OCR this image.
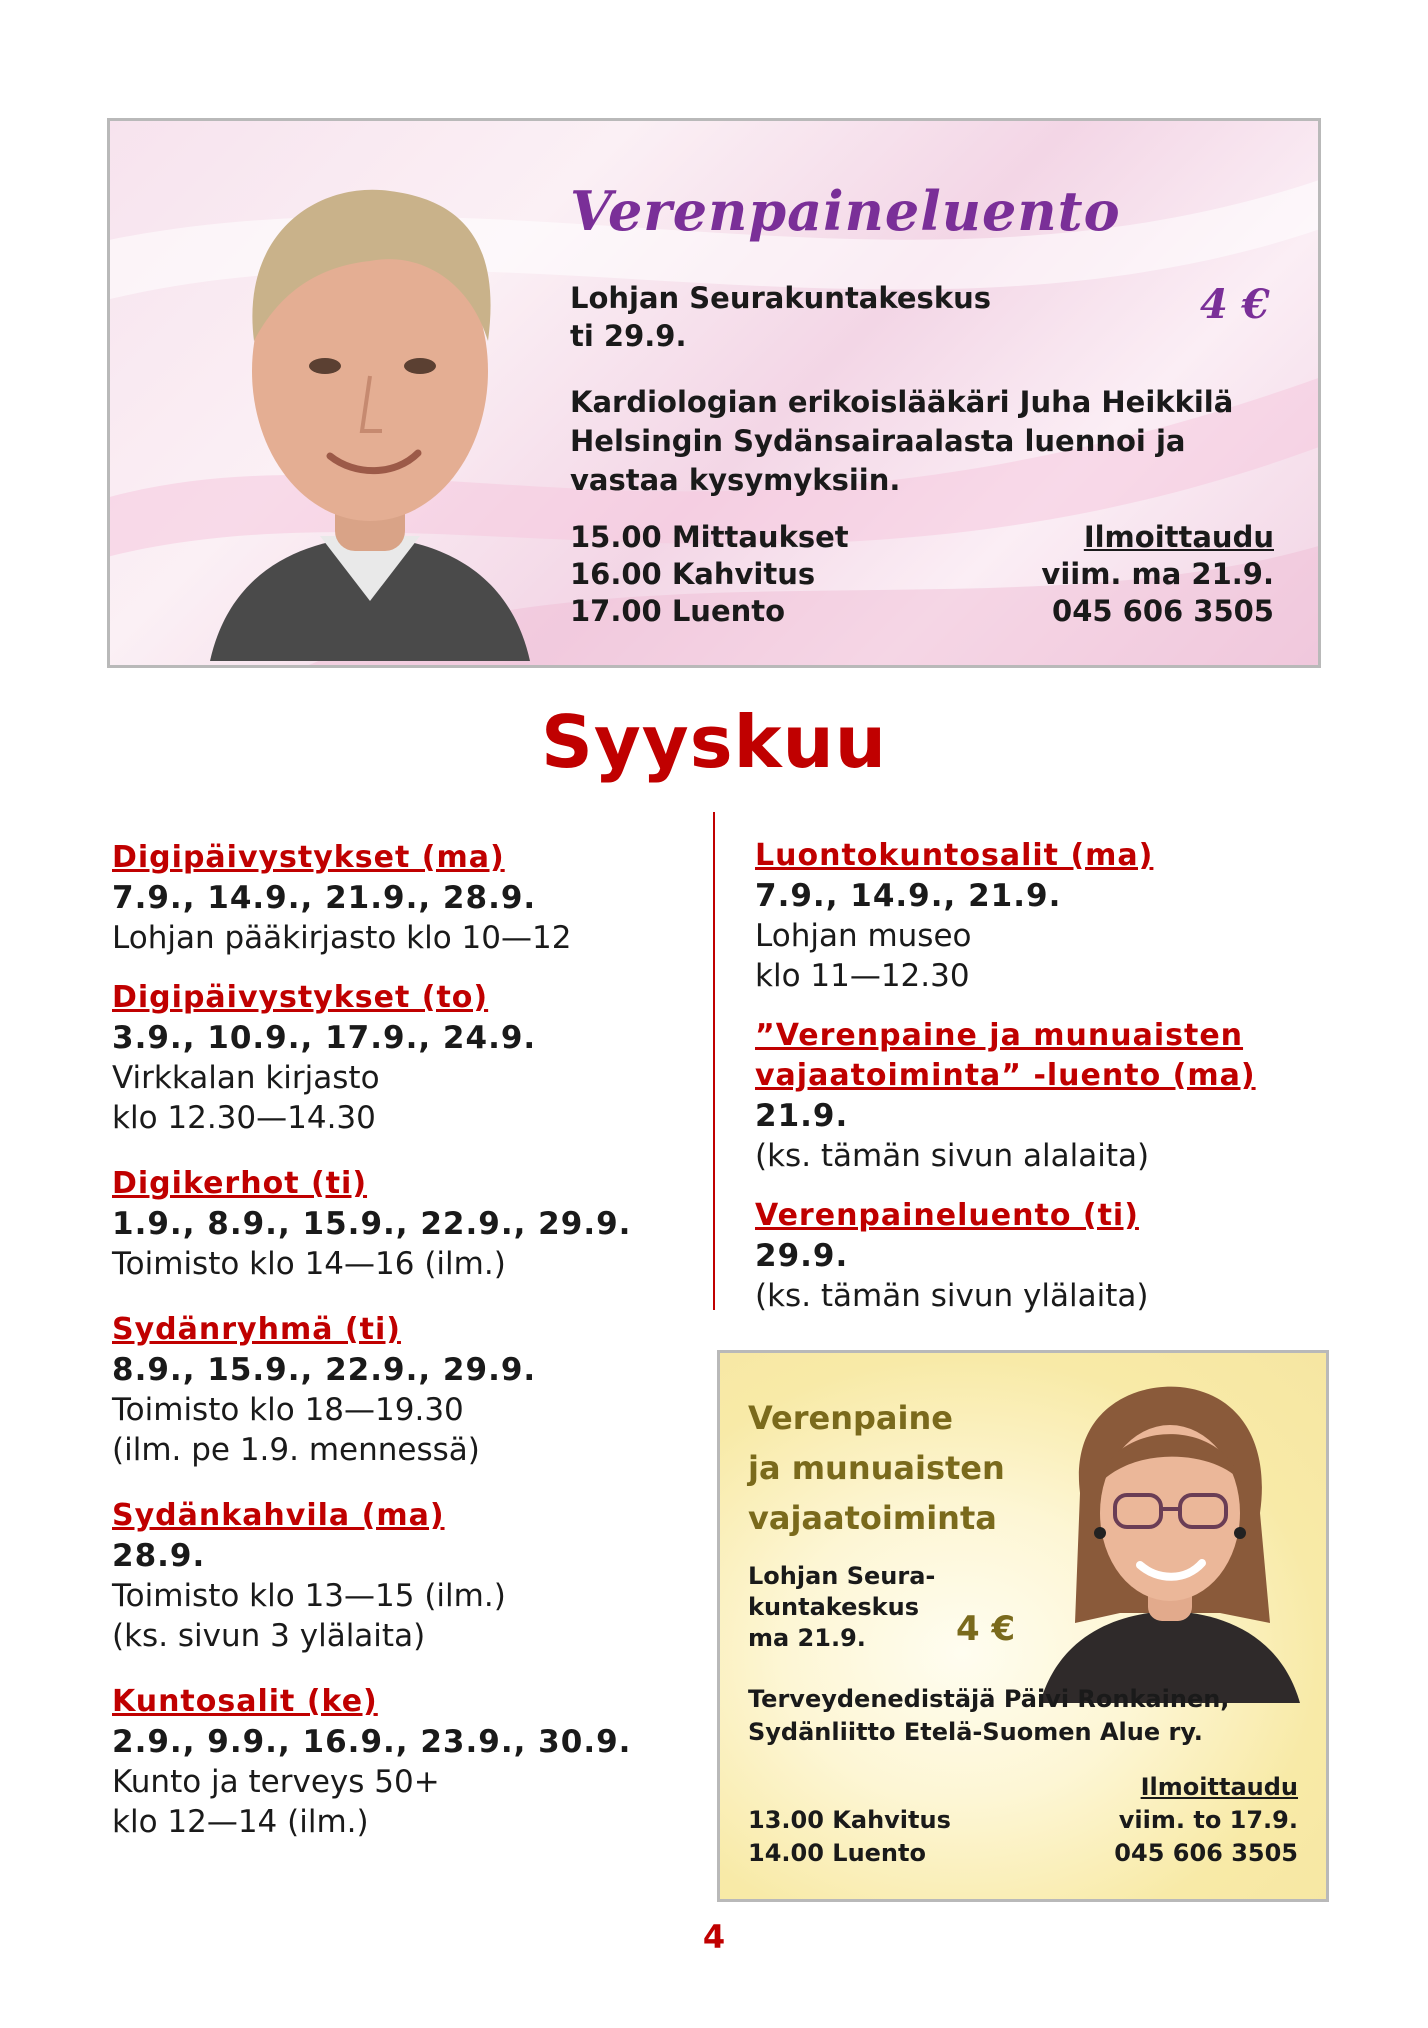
Verenpaineluento
Lohjan Seurakuntakeskus
ti 29.9.
4 €
Kardiologian erikoislääkäri Juha Heikkilä
Helsingin Sydänsairaalasta luennoi ja
vastaa kysymyksiin.
15.00 Mittaukset
16.00 Kahvitus
17.00 Luento
Ilmoittaudu
viim. ma 21.9.
045 606 3505
Syyskuu
Digipäivystykset (ma)
7.9., 14.9., 21.9., 28.9.
Lohjan pääkirjasto klo 10—12
Digipäivystykset (to)
3.9., 10.9., 17.9., 24.9.
Virkkalan kirjasto
klo 12.30—14.30
Digikerhot (ti)
1.9., 8.9., 15.9., 22.9., 29.9.
Toimisto klo 14—16 (ilm.)
Sydänryhmä (ti)
8.9., 15.9., 22.9., 29.9.
Toimisto klo 18—19.30
(ilm. pe 1.9. mennessä)
Sydänkahvila (ma)
28.9.
Toimisto klo 13—15 (ilm.)
(ks. sivun 3 ylälaita)
Kuntosalit (ke)
2.9., 9.9., 16.9., 23.9., 30.9.
Kunto ja terveys 50+
klo 12—14 (ilm.)
Luontokuntosalit (ma)
7.9., 14.9., 21.9.
Lohjan museo
klo 11—12.30
”Verenpaine ja munuaisten
vajaatoiminta” -luento (ma)
21.9.
(ks. tämän sivun alalaita)
Verenpaineluento (ti)
29.9.
(ks. tämän sivun ylälaita)
Verenpaine
ja munuaisten
vajaatoiminta
Lohjan Seura-
kuntakeskus
ma 21.9.	4 €
Terveydenedistäjä Päivi Ronkainen,
Sydänliitto Etelä-Suomen Alue ry.
13.00 Kahvitus
14.00 Luento
Ilmoittaudu
viim. to 17.9.
045 606 3505
4
